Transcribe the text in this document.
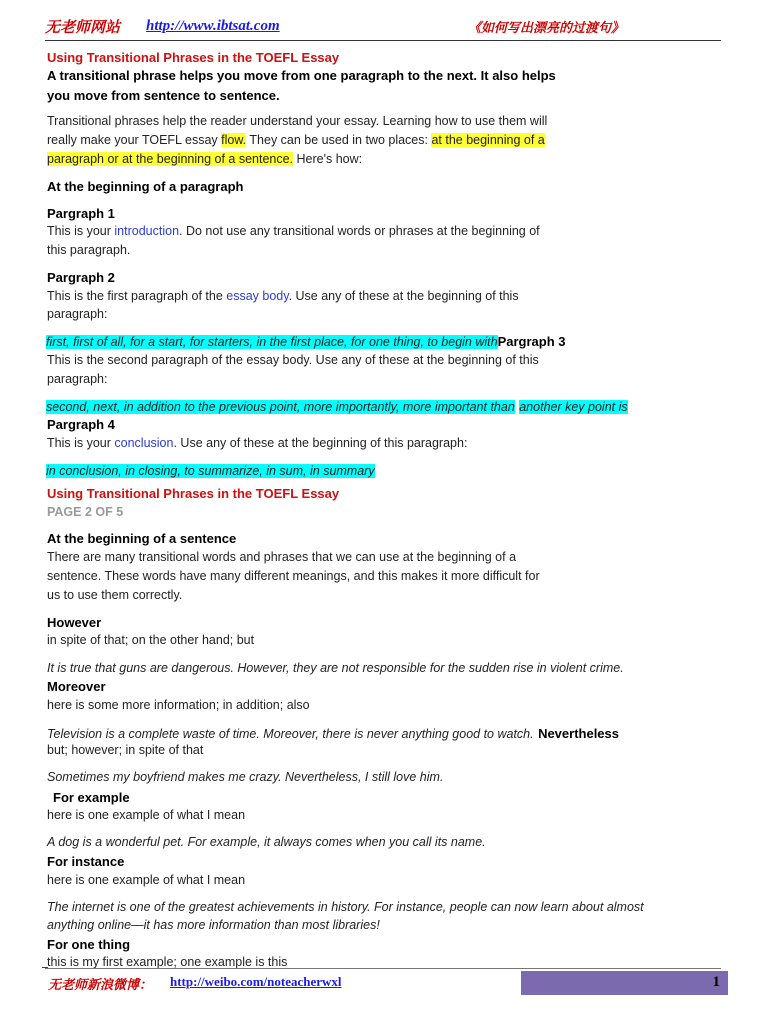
无老师网站 http://www.ibtsat.com	《如何写出漂亮的过渡句》
Using Transitional Phrases in the TOEFL Essay
A transitional phrase helps you move from one paragraph to the next. It also helps
you move from sentence to sentence.
Transitional phrases help the reader understand your essay. Learning how to use them will
really make your TOEFL essay flow. They can be used in two places: at the beginning of a
paragraph or at the beginning of a sentence. Here's how:
At the beginning of a paragraph
Pargraph 1
This is your introduction. Do not use any transitional words or phrases at the beginning of
this paragraph.
Pargraph 2
This is the first paragraph of the essay body. Use any of these at the beginning of this
paragraph:
first, first of all, for a start, for starters, in the first place, for one thing, to begin withPargraph 3
This is the second paragraph of the essay body. Use any of these at the beginning of this
paragraph:
second, next, in addition to the previous point, more importantly, more important than another key point is
Pargraph 4
This is your conclusion. Use any of these at the beginning of this paragraph:
in conclusion, in closing, to summarize, in sum, in summary
Using Transitional Phrases in the TOEFL Essay
PAGE 2 OF 5
At the beginning of a sentence
There are many transitional words and phrases that we can use at the beginning of a
sentence. These words have many different meanings, and this makes it more difficult for
us to use them correctly.
However
in spite of that; on the other hand; but
It is true that guns are dangerous. However, they are not responsible for the sudden rise in violent crime.
Moreover
here is some more information; in addition; also
Television is a complete waste of time. Moreover, there is never anything good to watch. Nevertheless
but; however; in spite of that
Sometimes my boyfriend makes me crazy. Nevertheless, I still love him.
For example
here is one example of what I mean
A dog is a wonderful pet. For example, it always comes when you call its name.
For instance
here is one example of what I mean
The internet is one of the greatest achievements in history. For instance, people can now learn about almost
anything online—it has more information than most libraries!
For one thing
this is my first example; one example is this
无老师新浪微博： http://weibo.com/noteacherwxl	1
